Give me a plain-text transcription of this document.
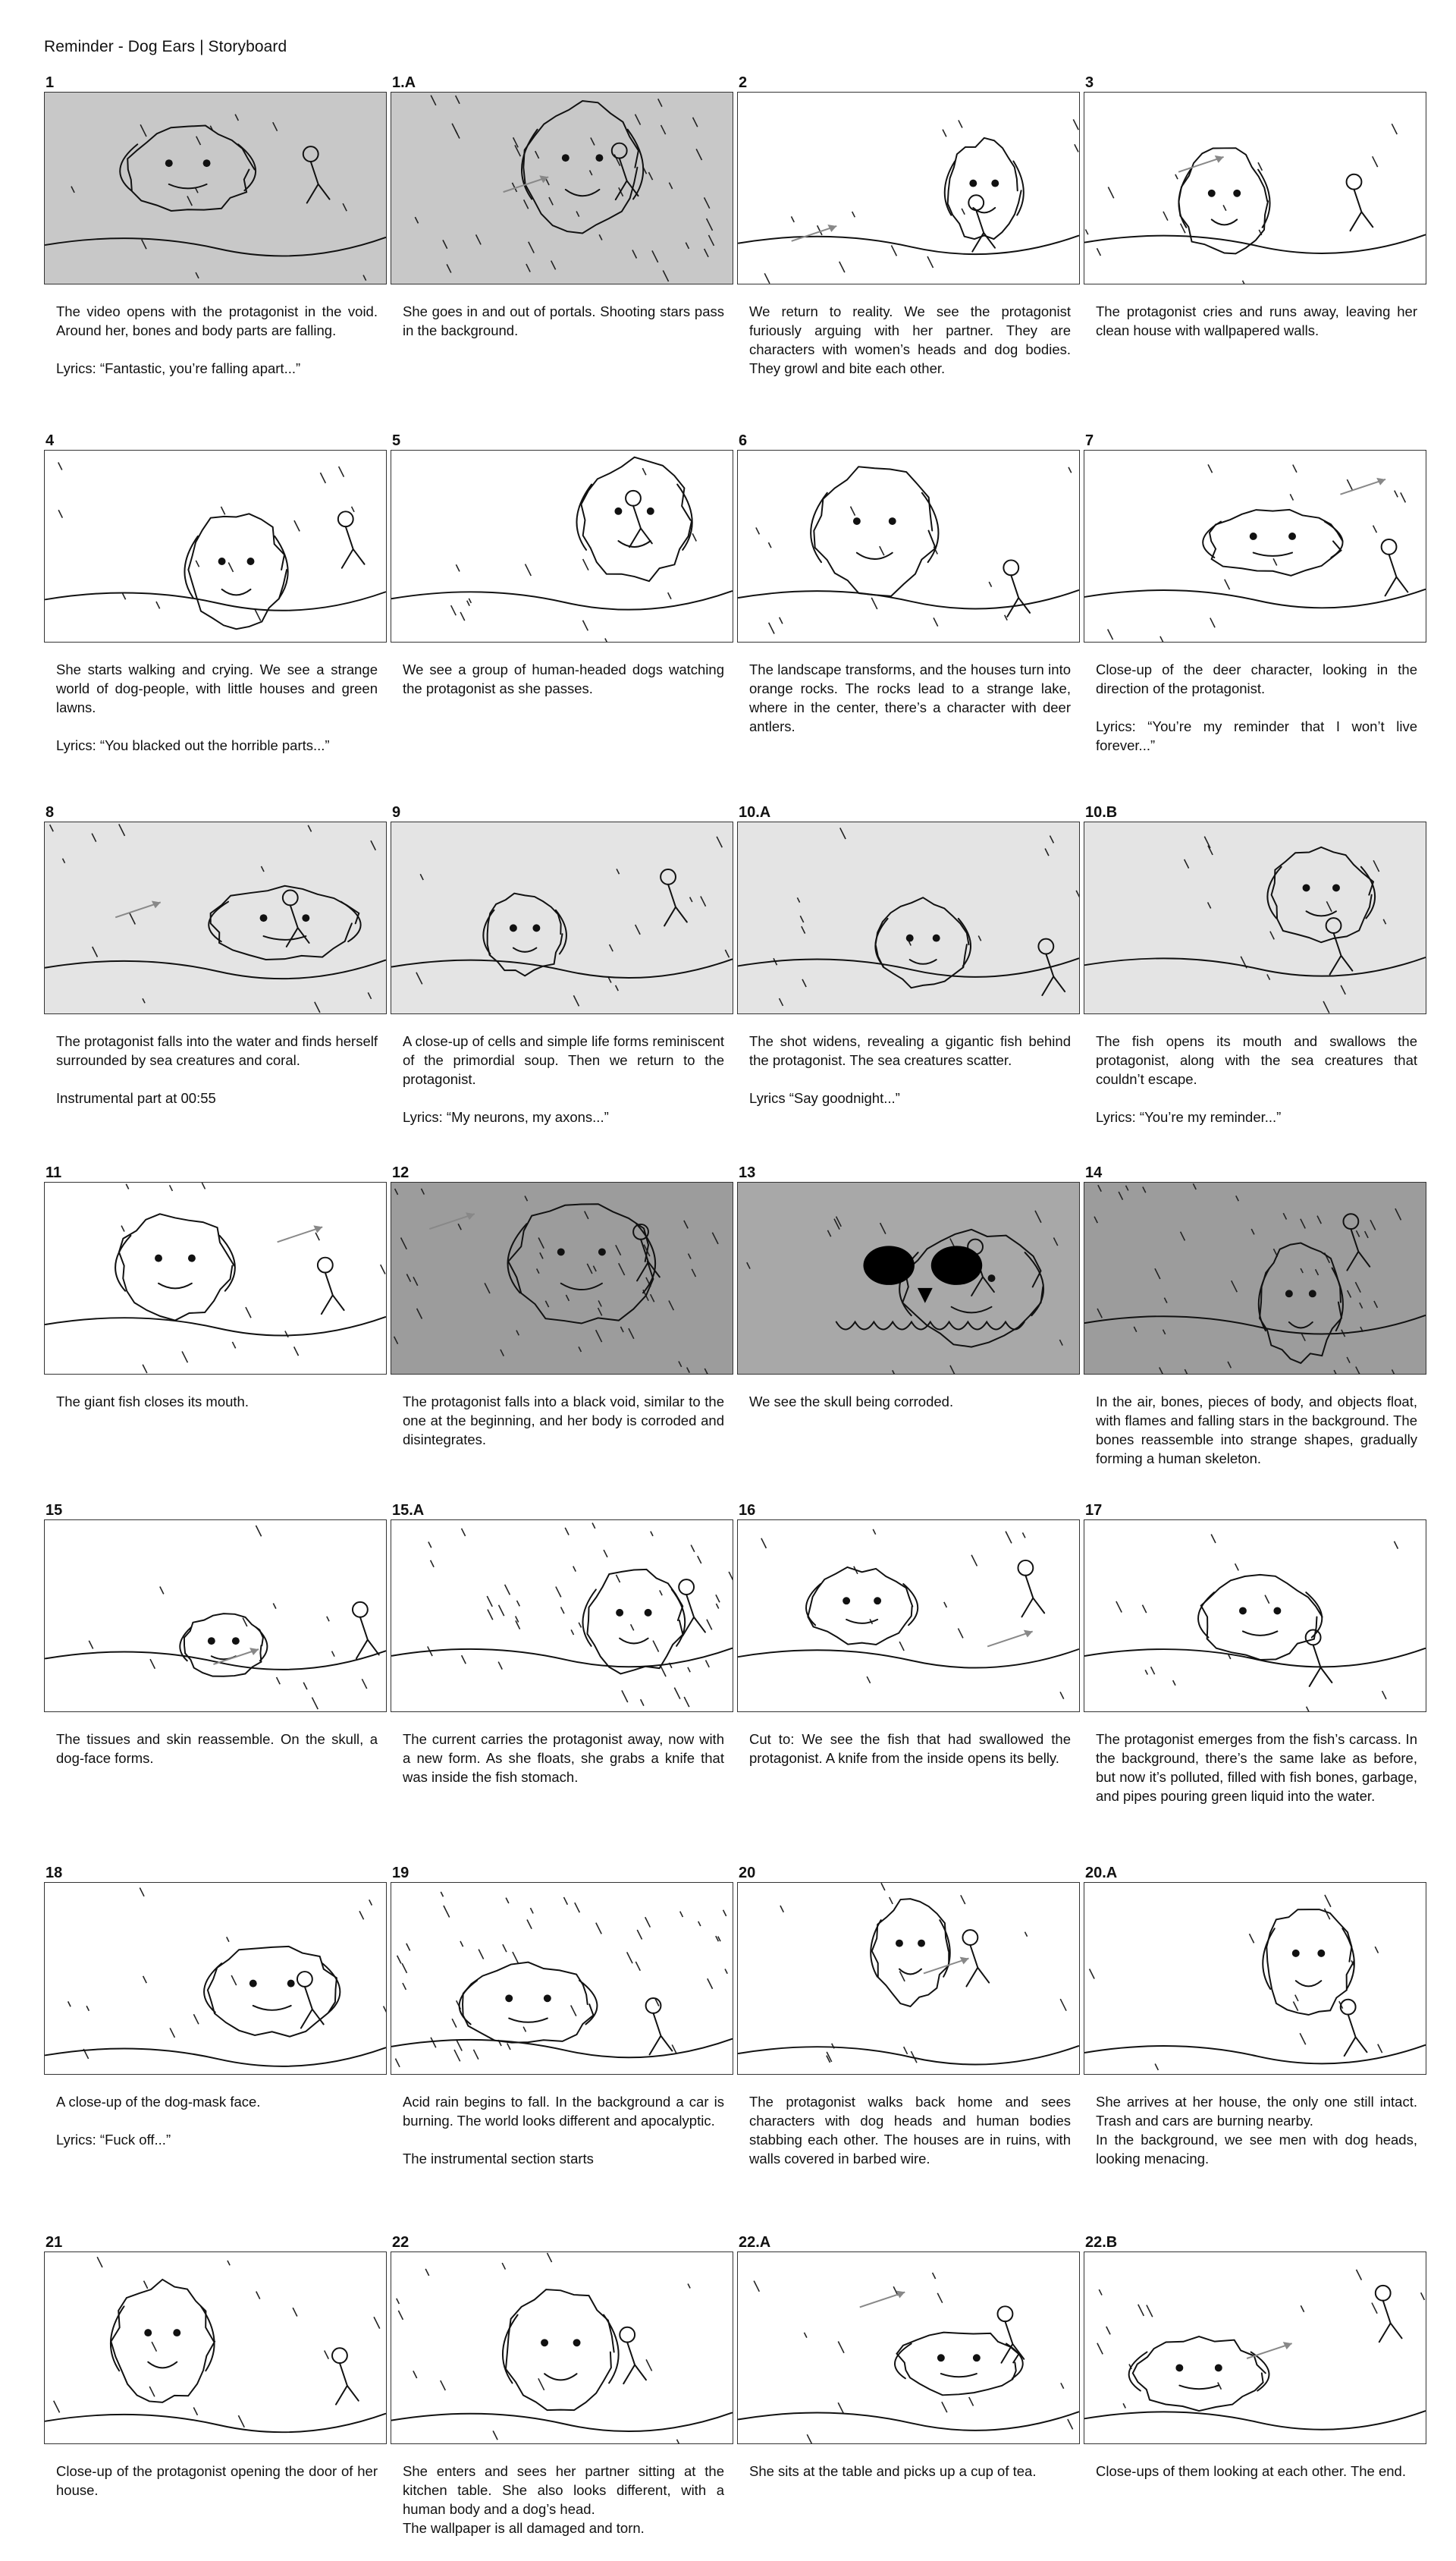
Reminder - Dog Ears | Storyboard
1
The video opens with the protagonist in the void. Around her, bones and body parts are falling.

Lyrics: “Fantastic, you’re falling apart...”
1.A
She goes in and out of portals. Shooting stars pass in the background.
2
We return to reality. We see the protagonist furiously arguing with her partner. They are characters with women’s heads and dog bodies. They growl and bite each other.
3
The protagonist cries and runs away, leaving her clean house with wallpapered walls.
4
She starts walking and crying. We see a strange world of dog-people, with little houses and green lawns.

Lyrics: “You blacked out the horrible parts...”
5
We see a group of human-headed dogs watching the protagonist as she passes.
6
The landscape transforms, and the houses turn into orange rocks. The rocks lead to a strange lake, where in the center, there’s a character with deer antlers.
7
Close-up of the deer character, looking in the direction of the protagonist.

Lyrics: “You’re my reminder that I won’t live forever...”
8
The protagonist falls into the water and finds herself surrounded by sea creatures and coral.

Instrumental part at 00:55
9
A close-up of cells and simple life forms reminiscent of the primordial soup. Then we return to the protagonist.

Lyrics: “My neurons, my axons...”
10.A
The shot widens, revealing a gigantic fish behind the protagonist. The sea creatures scatter.

Lyrics “Say goodnight...”
10.B
The fish opens its mouth and swallows the protagonist, along with the sea creatures that couldn’t escape.

Lyrics: “You’re my reminder...”
11
The giant fish closes its mouth.
12
The protagonist falls into a black void, similar to the one at the beginning, and her body is corroded and disintegrates.
13
We see the skull being corroded.
14
In the air, bones, pieces of body, and objects float, with flames and falling stars in the background. The bones reassemble into strange shapes, gradually forming a human skeleton.
15
The tissues and skin reassemble. On the skull, a dog-face forms.
15.A
The current carries the protagonist away, now with a new form. As she floats, she grabs a knife that was inside the fish stomach.
16
Cut to: We see the fish that had swallowed the protagonist. A knife from the inside opens its belly.
17
The protagonist emerges from the fish’s carcass. In the background, there’s the same lake as before, but now it’s polluted, filled with fish bones, garbage, and pipes pouring green liquid into the water.
18
A close-up of the dog-mask face.

Lyrics: “Fuck off...”
19
Acid rain begins to fall. In the background a car is burning. The world looks different and apocalyptic.

The instrumental section starts
20
The protagonist walks back home and sees characters with dog heads and human bodies stabbing each other. The houses are in ruins, with walls covered in barbed wire.
20.A
She arrives at her house, the only one still intact. Trash and cars are burning nearby.
In the background, we see men with dog heads, looking menacing.
21
Close-up of the protagonist opening the door of her house.
22
She enters and sees her partner sitting at the kitchen table. She also looks different, with a human body and a dog’s head.
The wallpaper is all damaged and torn.
22.A
She sits at the table and picks up a cup of tea.
22.B
Close-ups of them looking at each other. The end.
